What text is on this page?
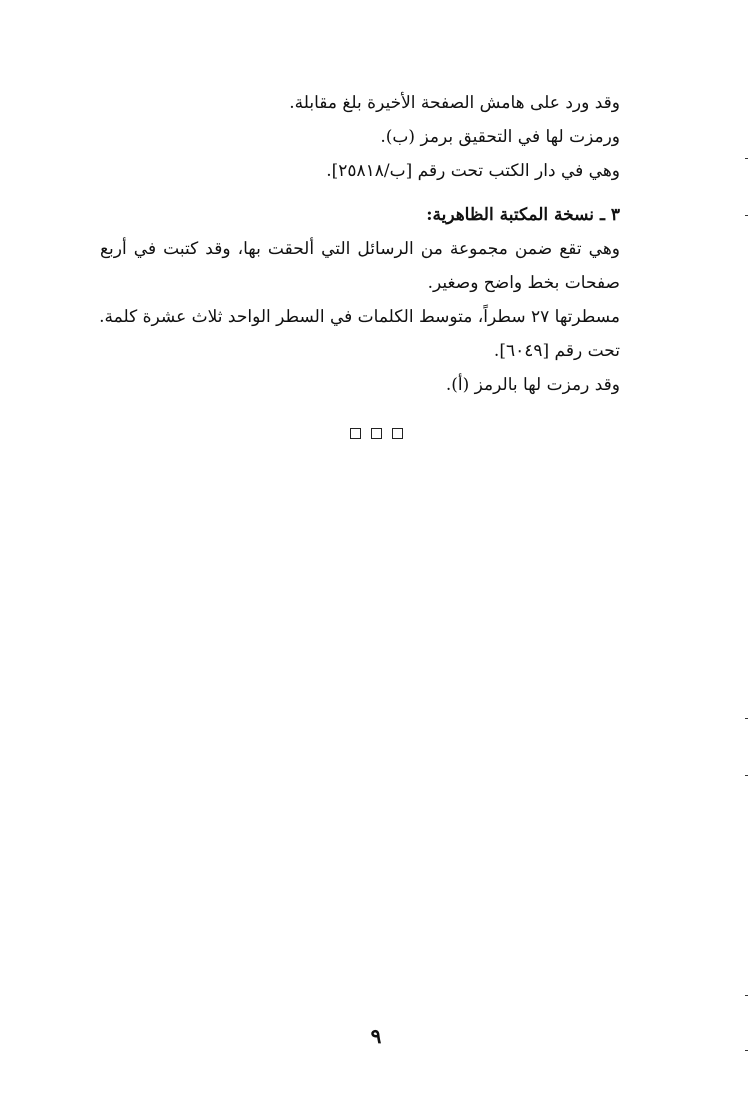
وقد ورد على هامش الصفحة الأخيرة بلغ مقابلة.
ورمزت لها في التحقيق برمز (ب).
وهي في دار الكتب تحت رقم [ب/٢٥٨١٨].
٣ ـ نسخة المكتبة الظاهرية:
وهي تقع ضمن مجموعة من الرسائل التي ألحقت بها، وقد كتبت في أربع
صفحات بخط واضح وصغير.
مسطرتها ٢٧ سطراً، متوسط الكلمات في السطر الواحد ثلاث عشرة كلمة.
تحت رقم [٦٠٤٩].
وقد رمزت لها بالرمز (أ).
٩
